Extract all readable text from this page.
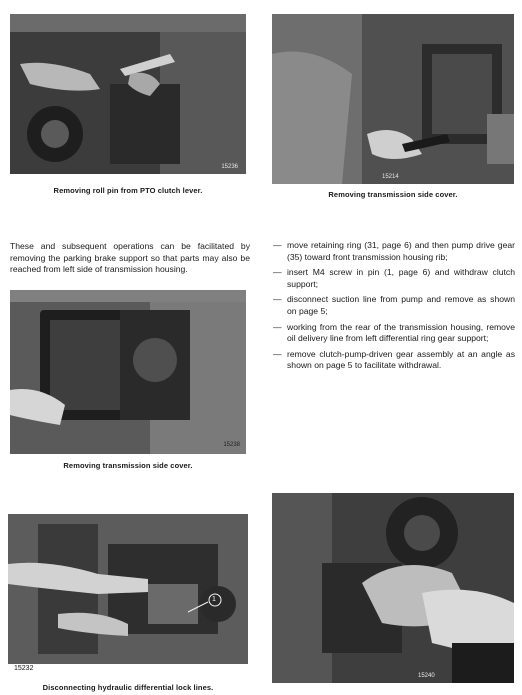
15236
Removing roll pin from PTO clutch lever.
15214
Removing transmission side cover.

These and subsequent operations can be facilitated by removing the parking brake support so that parts may also be reached from left side of transmission housing.

— move retaining ring (31, page 6) and then pump drive gear (35) toward front transmission housing rib;
— insert M4 screw in pin (1, page 6) and withdraw clutch support;
— disconnect suction line from pump and remove as shown on page 5;
— working from the rear of the transmission housing, remove oil delivery line from left differential ring gear support;
— remove clutch-pump-driven gear assembly at an angle as shown on page 5 to facilitate withdrawal.
15238
Removing transmission side cover.
1
15232
Disconnecting hydraulic differential lock lines.
15240
